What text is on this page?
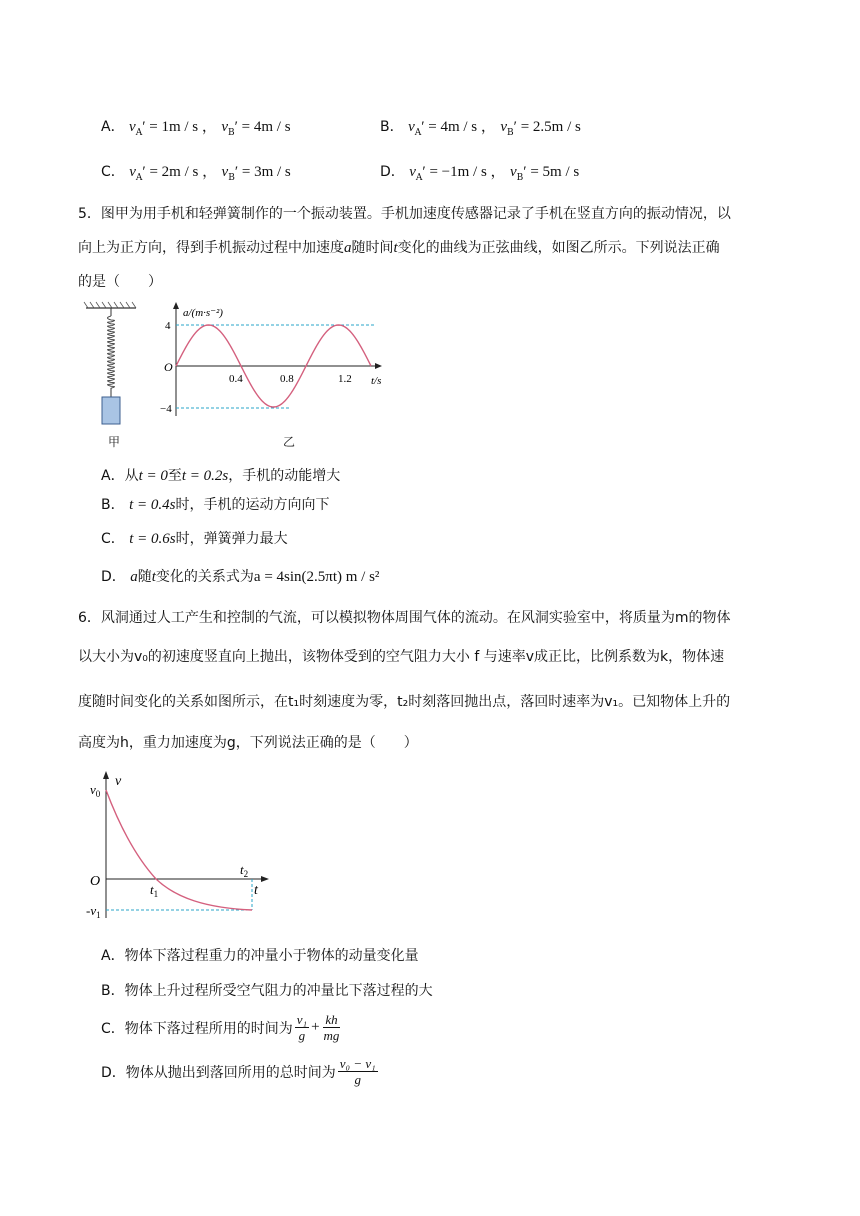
A． $v_A' = 1m / s$ ， $v_B' = 4m / s$	B． $v_A' = 4m / s$ ， $v_B' = 2.5m / s$
C． $v_A' = 2m / s$ ， $v_B' = 3m / s$	D． $v_A' = -1m / s$ ， $v_B' = 5m / s$
5．图甲为用手机和轻弹簧制作的一个振动装置。手机加速度传感器记录了手机在竖直方向的振动情况，以
向上为正方向，得到手机振动过程中加速度a随时间t变化的曲线为正弦曲线，如图乙所示。下列说法正确
的是（　　）
甲
a/(m·s⁻²)
t/s
O
4
−4
0.4	0.8	1.2
乙
A．从t = 0至t = 0.2s，手机的动能增大
B． t = 0.4s时，手机的运动方向向下
C． t = 0.6s时，弹簧弹力最大
D． a随t变化的关系式为a = 4sin(2.5πt) m / s²
6．风洞通过人工产生和控制的气流，可以模拟物体周围气体的流动。在风洞实验室中，将质量为m的物体
以大小为v₀的初速度竖直向上抛出，该物体受到的空气阻力大小 f 与速率v成正比，比例系数为k，物体速
度随时间变化的关系如图所示，在t₁时刻速度为零，t₂时刻落回抛出点，落回时速率为v₁。已知物体上升的
高度为h，重力加速度为g，下列说法正确的是（　　）
v
t
O
$v_0$
$-v_1$
$t_1$
$t_2$
A．物体下落过程重力的冲量小于物体的动量变化量
B．物体上升过程所受空气阻力的冲量比下落过程的大
C． 物体下落过程所用的时间为 $\frac{\text{v₁}}{g} + \frac{kh}{mg}$
D． 物体从抛出到落回所用的总时间为 $\frac{\text{v₀ − v₁}}{g}$
